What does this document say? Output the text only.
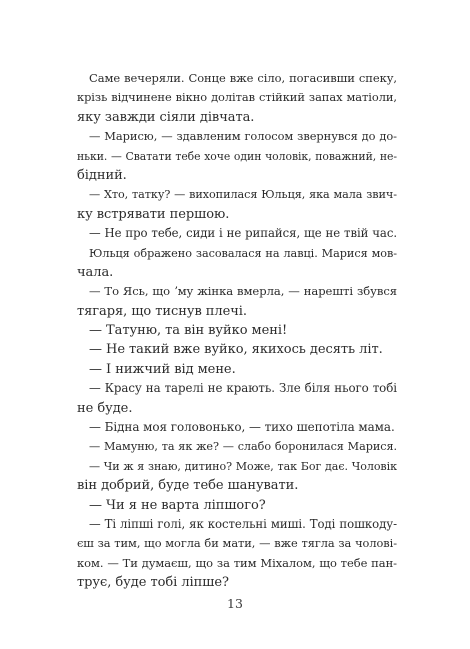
Саме вечеряли. Сонце вже сіло, погасивши спеку,
крізь відчинене вікно долітав стійкий запах матіоли,
яку завжди сіяли дівчата.
— Марисю, — здавленим голосом звернувся до до-
ньки. — Сватати тебе хоче один чоловік, поважний, не-
бідний.
— Хто, татку? — вихопилася Юльця, яка мала звич-
ку встрявати першою.
— Не про тебе, сиди і не рипайся, ще не твій час.
Юльця ображено засовалася на лавці. Марися мов-
чала.
— То Ясь, що ʼму жінка вмерла, — нарешті збувся
тягаря, що тиснув плечі.
— Татуню, та він вуйко мені!
— Не такий вже вуйко, якихось десять літ.
— І нижчий від мене.
— Красу на тарелі не крають. Зле біля нього тобі
не буде.
— Бідна моя головонько, — тихо шепотіла мама.
— Мамуню, та як же? — слабо боронилася Марися.
— Чи ж я знаю, дитино? Може, так Бог дає. Чоловік
він добрий, буде тебе шанувати.
— Чи я не варта ліпшого?
— Ті ліпші голі, як костельні миші. Тоді пошкоду-
єш за тим, що могла би мати, — вже тягла за чолові-
ком. — Ти думаєш, що за тим Міхалом, що тебе пан-
трує, буде тобі ліпше?
13
